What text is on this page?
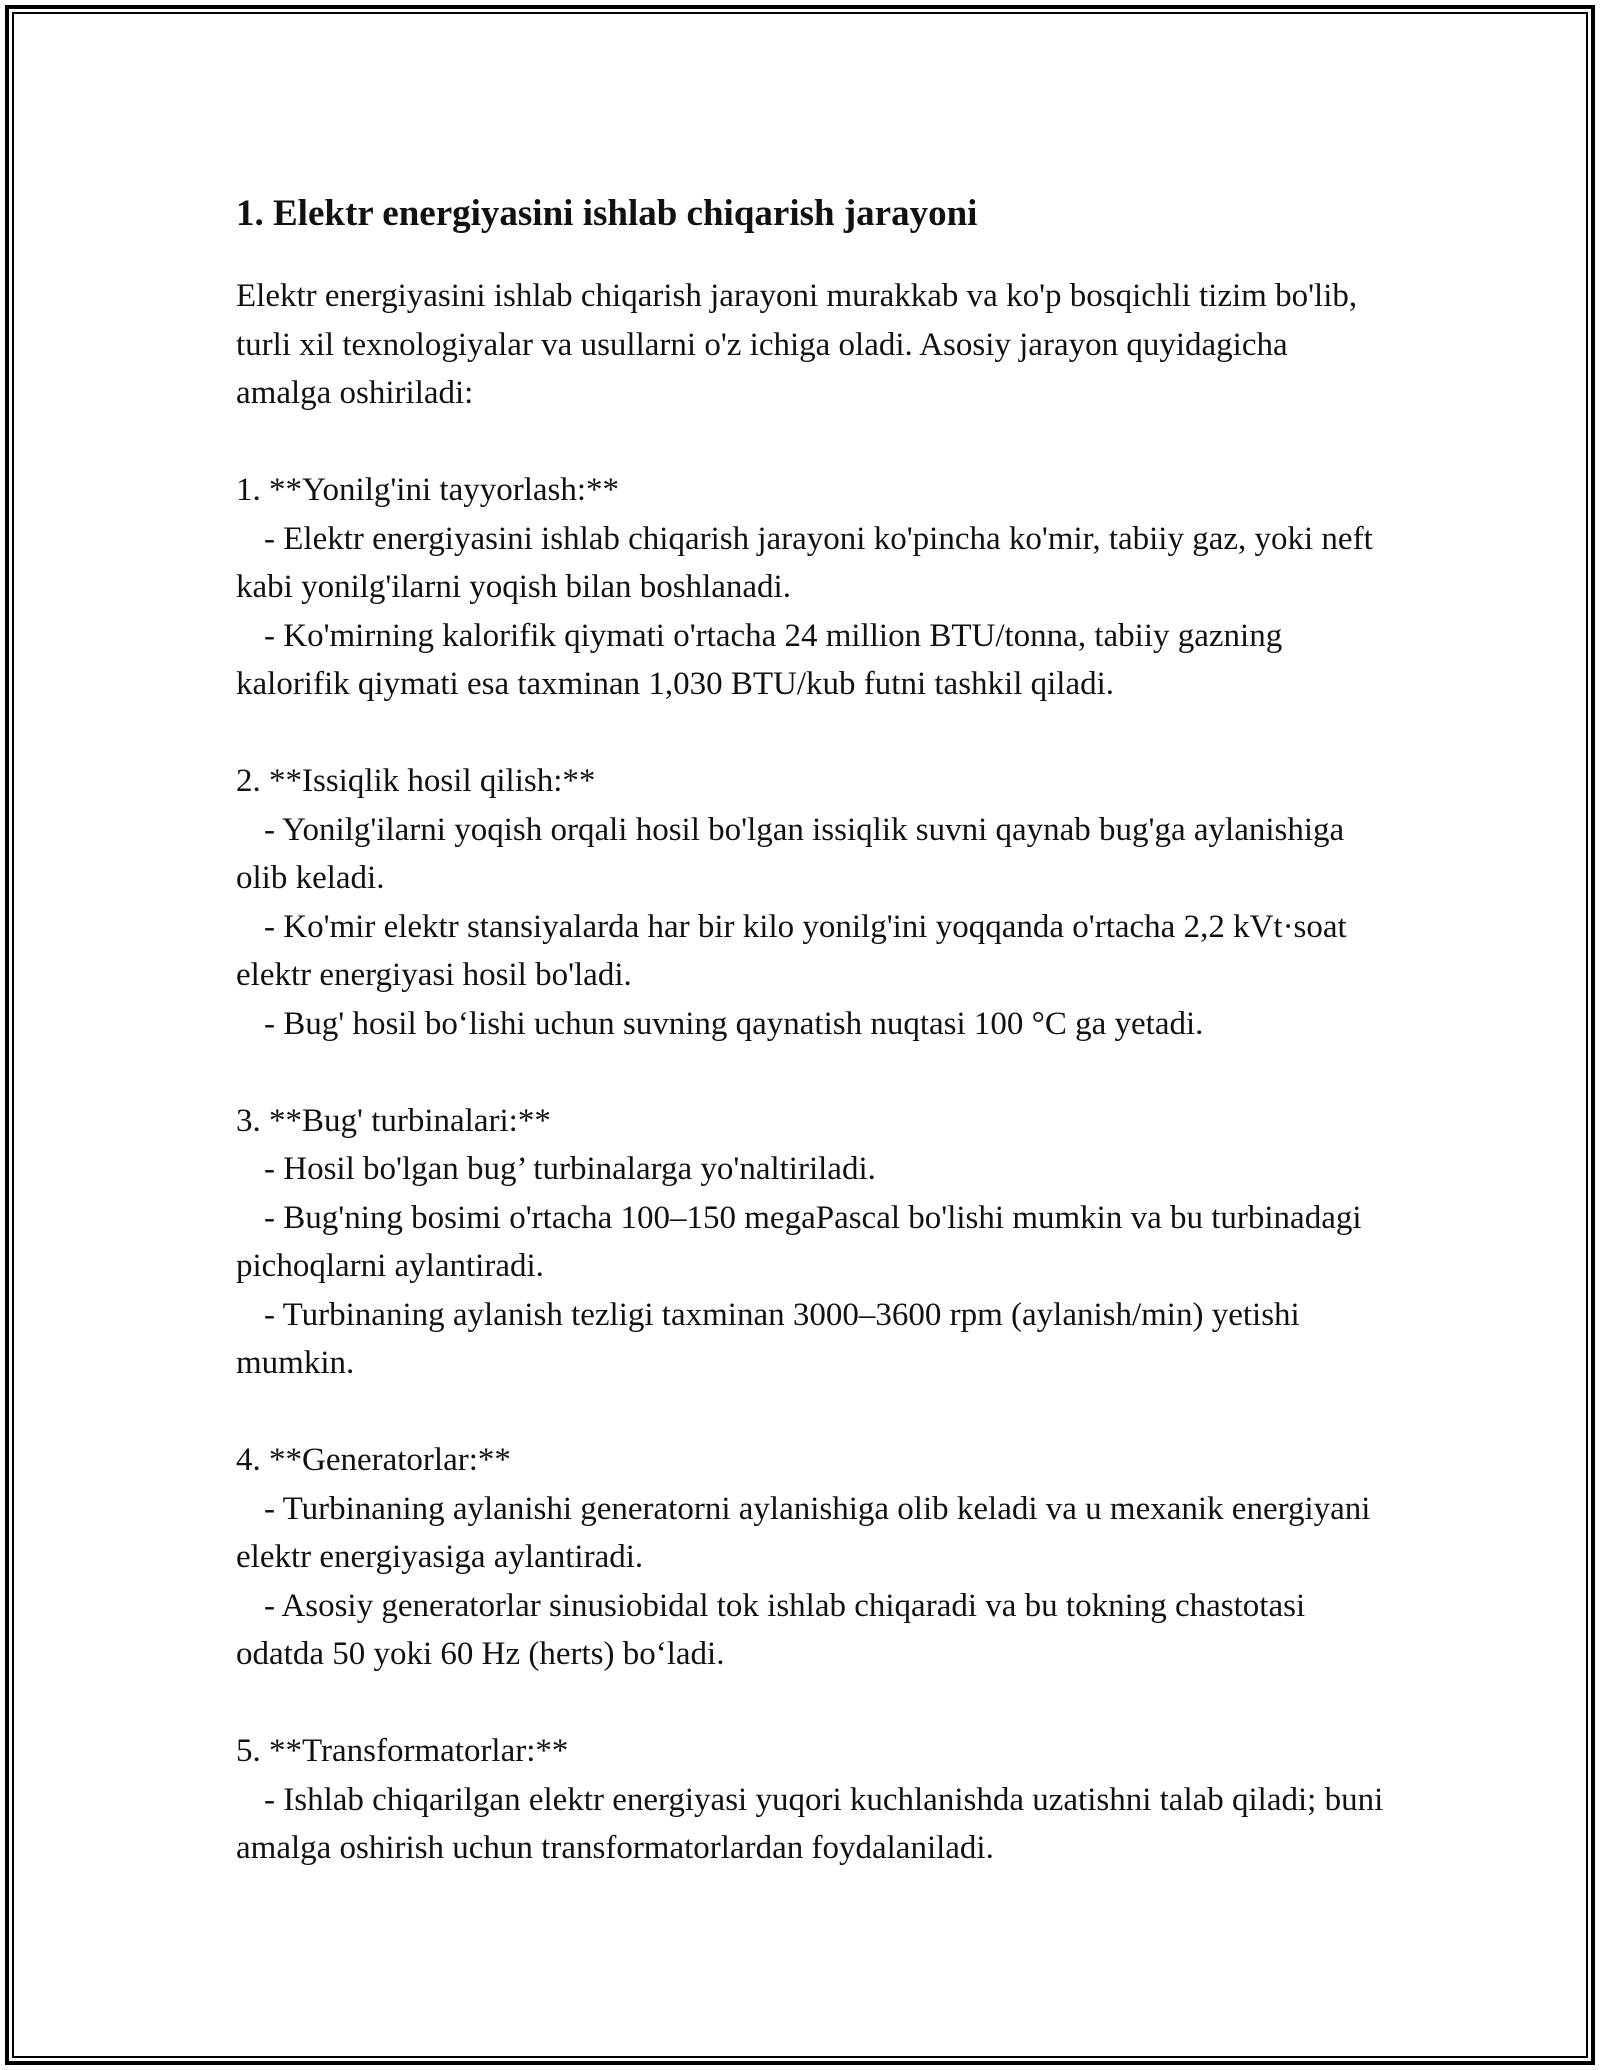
1. Elektr energiyasini ishlab chiqarish jarayoni

Elektr energiyasini ishlab chiqarish jarayoni murakkab va ko'p bosqichli tizim bo'lib, turli xil texnologiyalar va usullarni o'z ichiga oladi. Asosiy jarayon quyidagicha amalga oshiriladi:

1. **Yonilg'ini tayyorlash:**

- Elektr energiyasini ishlab chiqarish jarayoni ko'pincha ko'mir, tabiiy gaz, yoki neft kabi yonilg'ilarni yoqish bilan boshlanadi.

- Ko'mirning kalorifik qiymati o'rtacha 24 million BTU/tonna, tabiiy gazning kalorifik qiymati esa taxminan 1,030 BTU/kub futni tashkil qiladi.

2. **Issiqlik hosil qilish:**

- Yonilg'ilarni yoqish orqali hosil bo'lgan issiqlik suvni qaynab bug'ga aylanishiga olib keladi.

- Ko'mir elektr stansiyalarda har bir kilo yonilg'ini yoqqanda o'rtacha 2,2 kVt·soat elektr energiyasi hosil bo'ladi.

- Bug' hosil bo‘lishi uchun suvning qaynatish nuqtasi 100 °C ga yetadi.

3. **Bug' turbinalari:**

- Hosil bo'lgan bug’ turbinalarga yo'naltiriladi.

- Bug'ning bosimi o'rtacha 100–150 megaPascal bo'lishi mumkin va bu turbinadagi pichoqlarni aylantiradi.

- Turbinaning aylanish tezligi taxminan 3000–3600 rpm (aylanish/min) yetishi mumkin.

4. **Generatorlar:**

- Turbinaning aylanishi generatorni aylanishiga olib keladi va u mexanik energiyani elektr energiyasiga aylantiradi.

- Asosiy generatorlar sinusiobidal tok ishlab chiqaradi va bu tokning chastotasi odatda 50 yoki 60 Hz (herts) bo‘ladi.

5. **Transformatorlar:**

- Ishlab chiqarilgan elektr energiyasi yuqori kuchlanishda uzatishni talab qiladi; buni amalga oshirish uchun transformatorlardan foydalaniladi.
